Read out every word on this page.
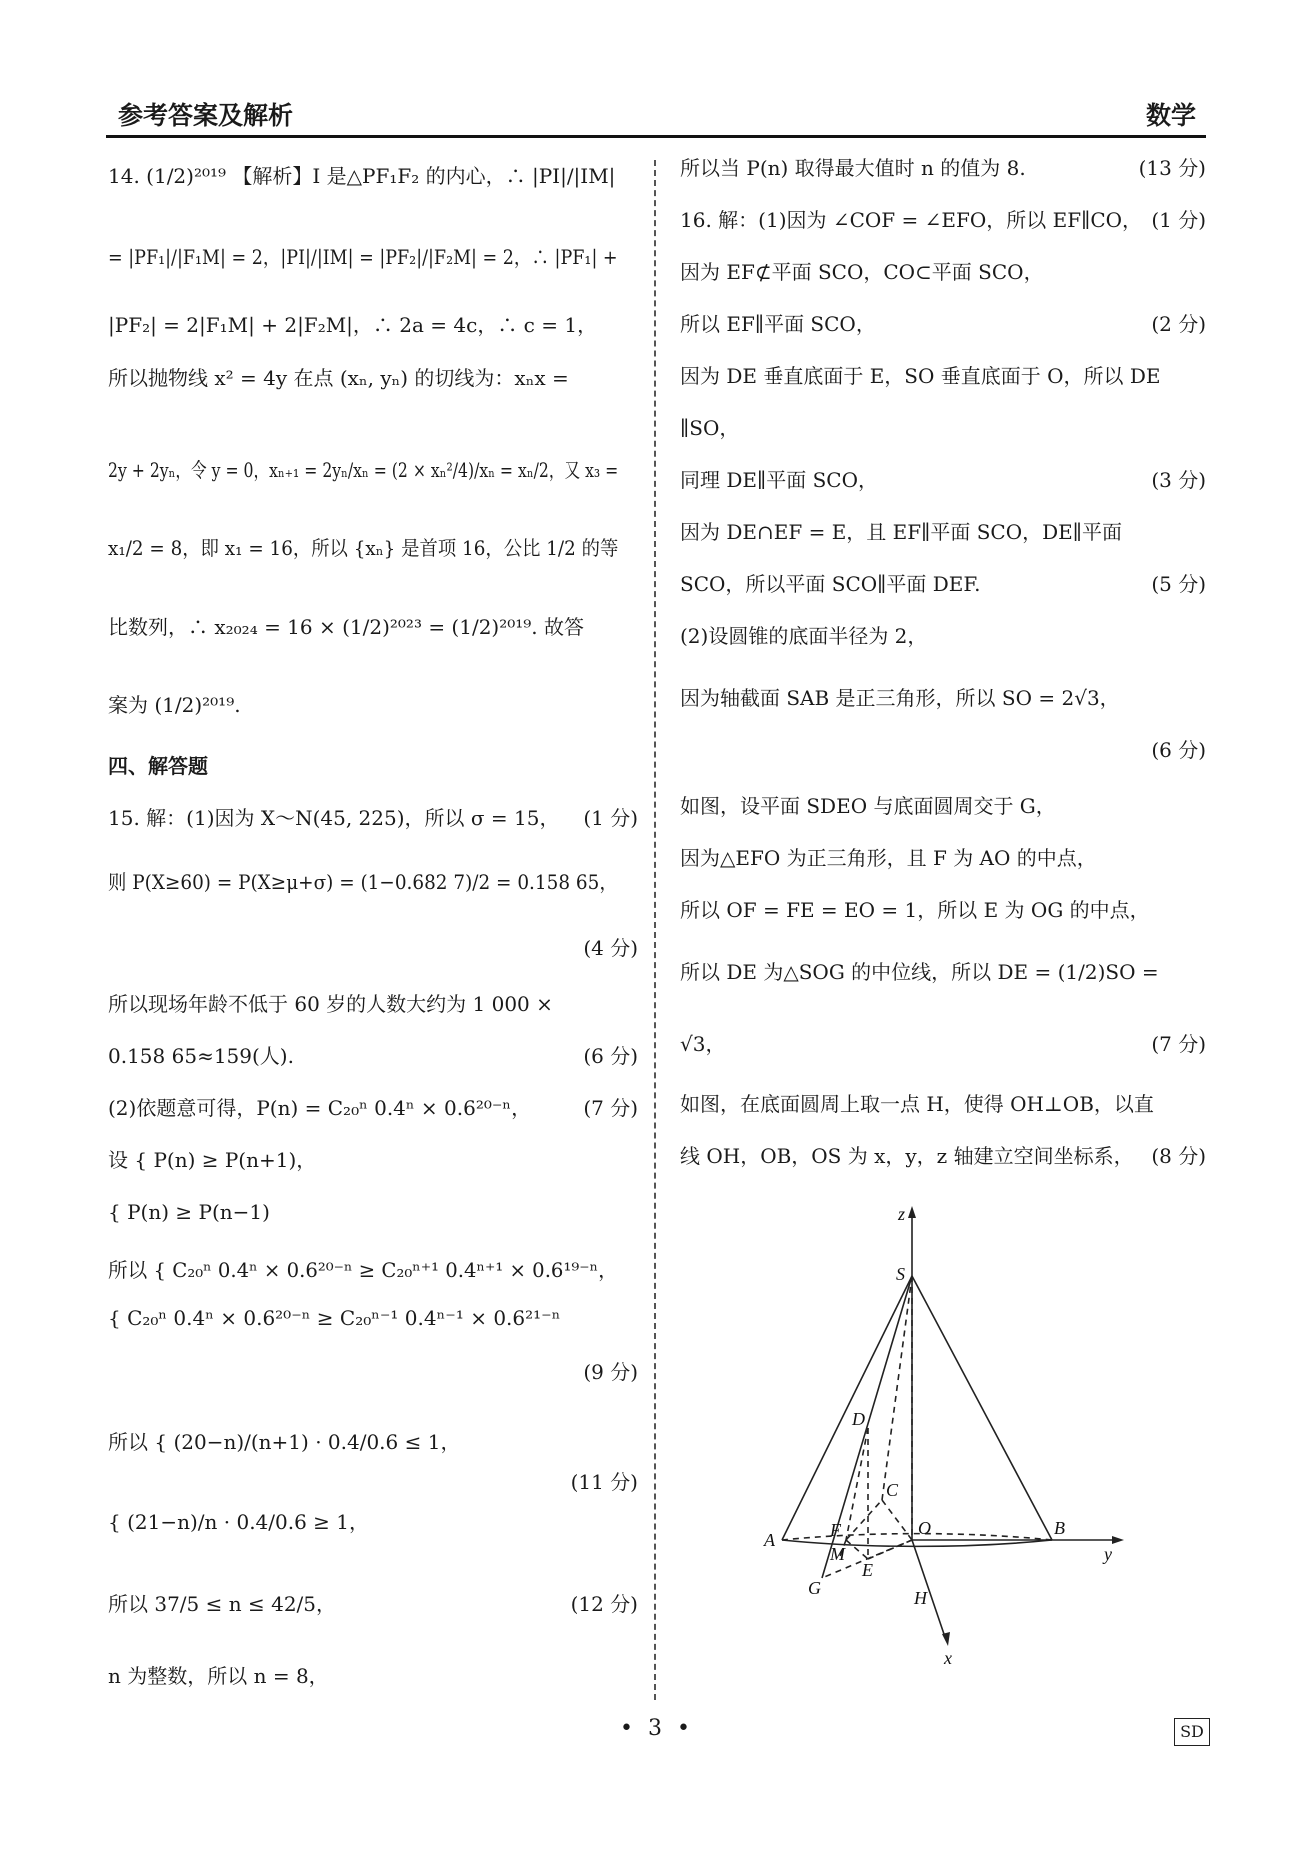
参考答案及解析	数学
14. (1/2)²⁰¹⁹ 【解析】I 是△PF₁F₂ 的内心，∴ |PI|/|IM|
= |PF₁|/|F₁M| = 2，|PI|/|IM| = |PF₂|/|F₂M| = 2，∴ |PF₁| +
|PF₂| = 2|F₁M| + 2|F₂M|，∴ 2a = 4c，∴ c = 1，
所以抛物线 x² = 4y 在点 (xₙ, yₙ) 的切线为：xₙx =
2y + 2yₙ，令 y = 0，xₙ₊₁ = 2yₙ/xₙ = (2 × xₙ²/4)/xₙ = xₙ/2，又 x₃ =
x₁/2 = 8，即 x₁ = 16，所以 {xₙ} 是首项 16，公比 1/2 的等
比数列，∴ x₂₀₂₄ = 16 × (1/2)²⁰²³ = (1/2)²⁰¹⁹. 故答
案为 (1/2)²⁰¹⁹.
四、解答题
15. 解：(1)因为 X～N(45, 225)，所以 σ = 15， (1 分)
则 P(X≥60) = P(X≥μ+σ) = (1−0.682 7)/2 = 0.158 65，
(4 分)
所以现场年龄不低于 60 岁的人数大约为 1 000 ×
0.158 65≈159(人).	(6 分)
(2)依题意可得，P(n) = C₂₀ⁿ 0.4ⁿ × 0.6²⁰⁻ⁿ，	(7 分)
设 { P(n) ≥ P(n+1)，
{ P(n) ≥ P(n−1)
所以 { C₂₀ⁿ 0.4ⁿ × 0.6²⁰⁻ⁿ ≥ C₂₀ⁿ⁺¹ 0.4ⁿ⁺¹ × 0.6¹⁹⁻ⁿ，
{ C₂₀ⁿ 0.4ⁿ × 0.6²⁰⁻ⁿ ≥ C₂₀ⁿ⁻¹ 0.4ⁿ⁻¹ × 0.6²¹⁻ⁿ
(9 分)
所以 { (20−n)/(n+1) · 0.4/0.6 ≤ 1，
{ (21−n)/n · 0.4/0.6 ≥ 1，
(11 分)
所以 37/5 ≤ n ≤ 42/5，	(12 分)
n 为整数，所以 n = 8，
所以当 P(n) 取得最大值时 n 的值为 8.	(13 分)
16. 解：(1)因为 ∠COF = ∠EFO，所以 EF∥CO， (1 分)
因为 EF⊄平面 SCO，CO⊂平面 SCO，
所以 EF∥平面 SCO，	(2 分)
因为 DE 垂直底面于 E，SO 垂直底面于 O，所以 DE
∥SO，
同理 DE∥平面 SCO，	(3 分)
因为 DE∩EF = E，且 EF∥平面 SCO，DE∥平面
SCO，所以平面 SCO∥平面 DEF.	(5 分)
(2)设圆锥的底面半径为 2，
因为轴截面 SAB 是正三角形，所以 SO = 2√3，
(6 分)
如图，设平面 SDEO 与底面圆周交于 G，
因为△EFO 为正三角形，且 F 为 AO 的中点，
所以 OF = FE = EO = 1，所以 E 为 OG 的中点，
所以 DE 为△SOG 的中位线，所以 DE = (1/2)SO =
√3，	(7 分)
如图，在底面圆周上取一点 H，使得 OH⊥OB，以直
线 OH，OB，OS 为 x，y，z 轴建立空间坐标系， (8 分)
z
S
D
C
A	F
M
E
O	B
y
G	H
x
• 3 •	SD
